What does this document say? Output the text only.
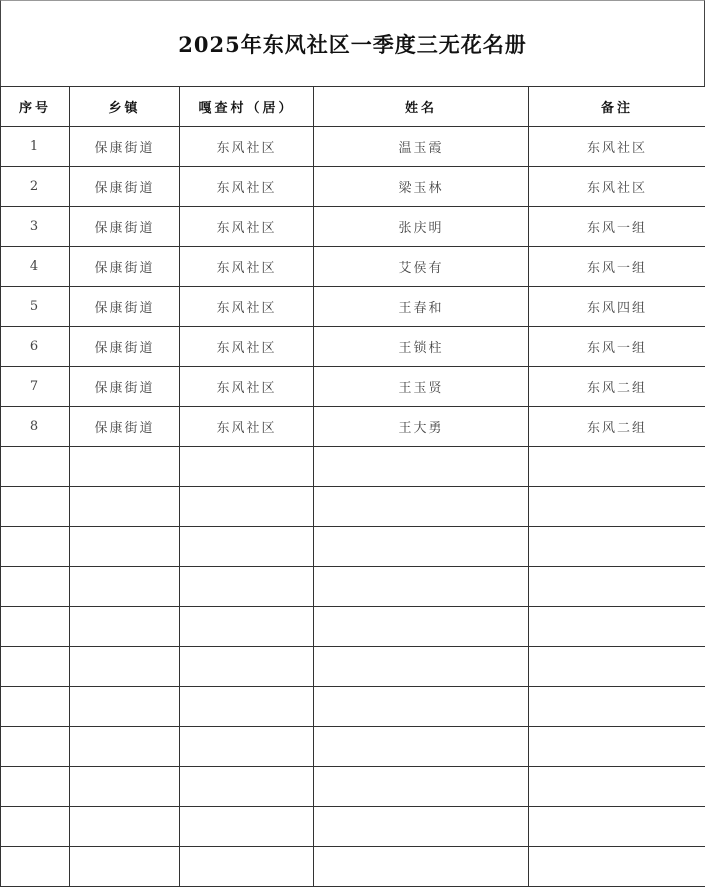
2025年东风社区一季度三无花名册
序号	乡镇	嘎查村（居）	姓名	备注
1	保康街道	东风社区	温玉霞	东风社区
2	保康街道	东风社区	梁玉林	东风社区
3	保康街道	东风社区	张庆明	东风一组
4	保康街道	东风社区	艾侯有	东风一组
5	保康街道	东风社区	王春和	东风四组
6	保康街道	东风社区	王锁柱	东风一组
7	保康街道	东风社区	王玉贤	东风二组
8	保康街道	东风社区	王大勇	东风二组
